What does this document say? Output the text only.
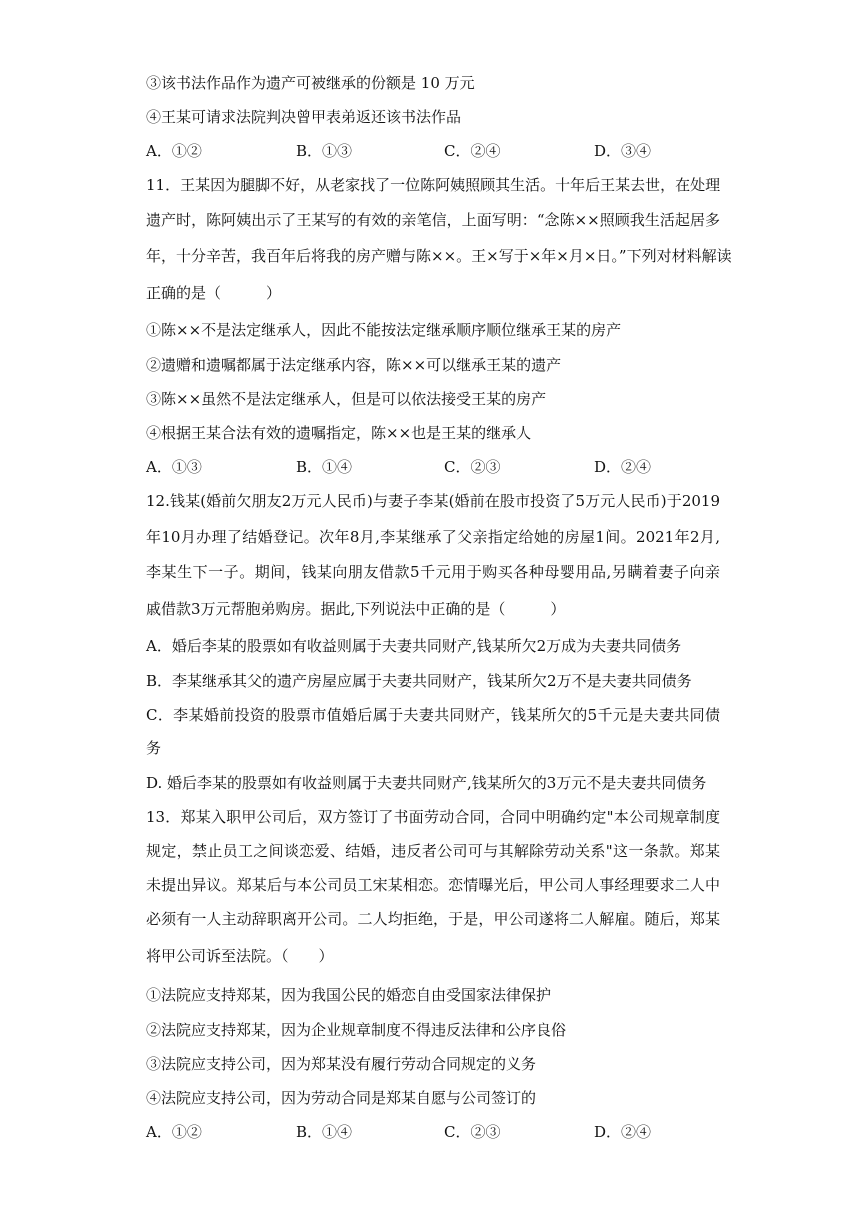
③该书法作品作为遗产可被继承的份额是 10 万元
④王某可请求法院判决曾甲表弟返还该书法作品
A．①②	B．①③	C．②④	D．③④
11．王某因为腿脚不好，从老家找了一位陈阿姨照顾其生活。十年后王某去世，在处理
遗产时，陈阿姨出示了王某写的有效的亲笔信，上面写明：“念陈××照顾我生活起居多
年，十分辛苦，我百年后将我的房产赠与陈××。王×写于×年×月×日。”下列对材料解读
正确的是（　　　）
①陈××不是法定继承人，因此不能按法定继承顺序顺位继承王某的房产
②遗赠和遗嘱都属于法定继承内容，陈××可以继承王某的遗产
③陈××虽然不是法定继承人，但是可以依法接受王某的房产
④根据王某合法有效的遗嘱指定，陈××也是王某的继承人
A．①③	B．①④	C．②③	D．②④
12.钱某(婚前欠朋友2万元人民币)与妻子李某(婚前在股市投资了5万元人民币)于2019
年10月办理了结婚登记。次年8月,李某继承了父亲指定给她的房屋1间。2021年2月,
李某生下一子。期间，钱某向朋友借款5千元用于购买各种母婴用品,另瞒着妻子向亲
戚借款3万元帮胞弟购房。据此,下列说法中正确的是（　　　）
A．婚后李某的股票如有收益则属于夫妻共同财产,钱某所欠2万成为夫妻共同债务
B．李某继承其父的遗产房屋应属于夫妻共同财产，钱某所欠2万不是夫妻共同债务
C．李某婚前投资的股票市值婚后属于夫妻共同财产，钱某所欠的5千元是夫妻共同债
务
D. 婚后李某的股票如有收益则属于夫妻共同财产,钱某所欠的3万元不是夫妻共同债务
13．郑某入职甲公司后，双方签订了书面劳动合同，合同中明确约定"本公司规章制度
规定，禁止员工之间谈恋爱、结婚，违反者公司可与其解除劳动关系"这一条款。郑某
未提出异议。郑某后与本公司员工宋某相恋。恋情曝光后，甲公司人事经理要求二人中
必须有一人主动辞职离开公司。二人均拒绝，于是，甲公司遂将二人解雇。随后，郑某
将甲公司诉至法院。（　　）
①法院应支持郑某，因为我国公民的婚恋自由受国家法律保护
②法院应支持郑某，因为企业规章制度不得违反法律和公序良俗
③法院应支持公司，因为郑某没有履行劳动合同规定的义务
④法院应支持公司，因为劳动合同是郑某自愿与公司签订的
A．①②	B．①④	C．②③	D．②④
